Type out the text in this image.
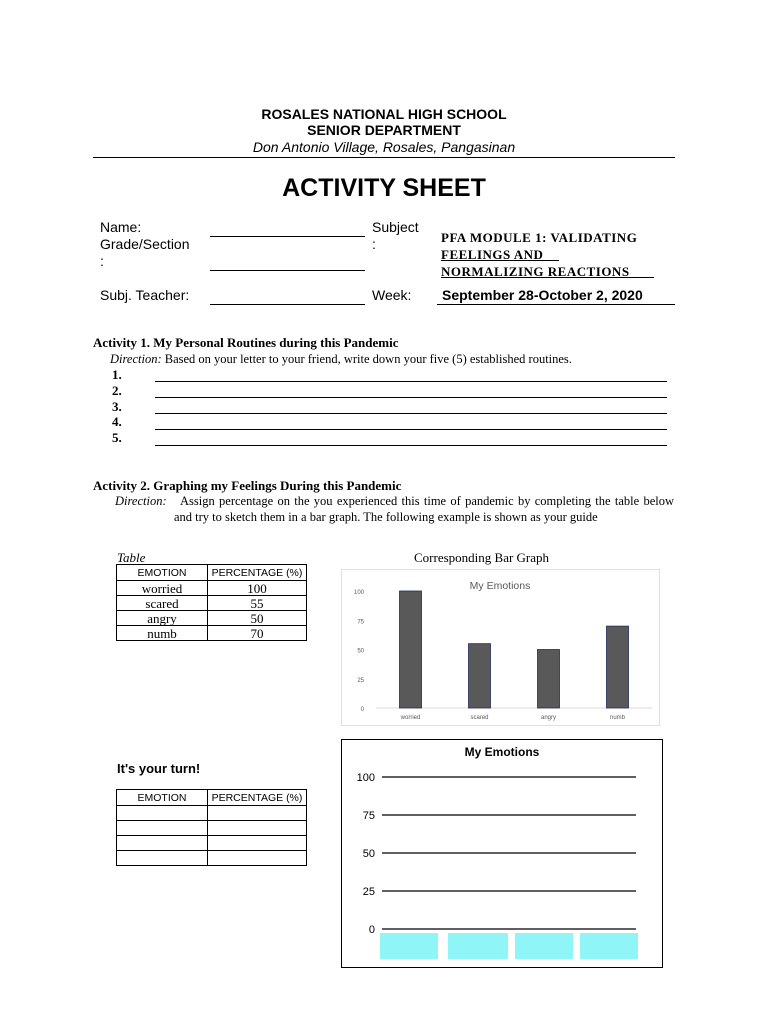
ROSALES NATIONAL HIGH SCHOOL
SENIOR DEPARTMENT
Don Antonio Village, Rosales, Pangasinan
ACTIVITY SHEET
Name:
Grade/Section
:
Subj. Teacher:
Subject
:	PFA MODULE 1: VALIDATING
FEELINGS AND
NORMALIZING REACTIONS
Week: September 28-October 2, 2020
Activity 1. My Personal Routines during this Pandemic
Direction: Based on your letter to your friend, write down your five (5) established routines.
1.
2.
3.
4.
5.
Activity 2. Graphing my Feelings During this Pandemic
Direction:	Assign percentage on the you experienced this time of pandemic by completing the table below and try to sketch them in a bar graph. The following example is shown as your guide
Table	Corresponding Bar Graph
EMOTION	PERCENTAGE (%)
worried	100
scared	55
angry	50
numb	70
My Emotions
0
25
50
75
100
worried	scared	angry	numb
It's your turn!
EMOTION	PERCENTAGE (%)

My Emotions
0
25
50
75
100
